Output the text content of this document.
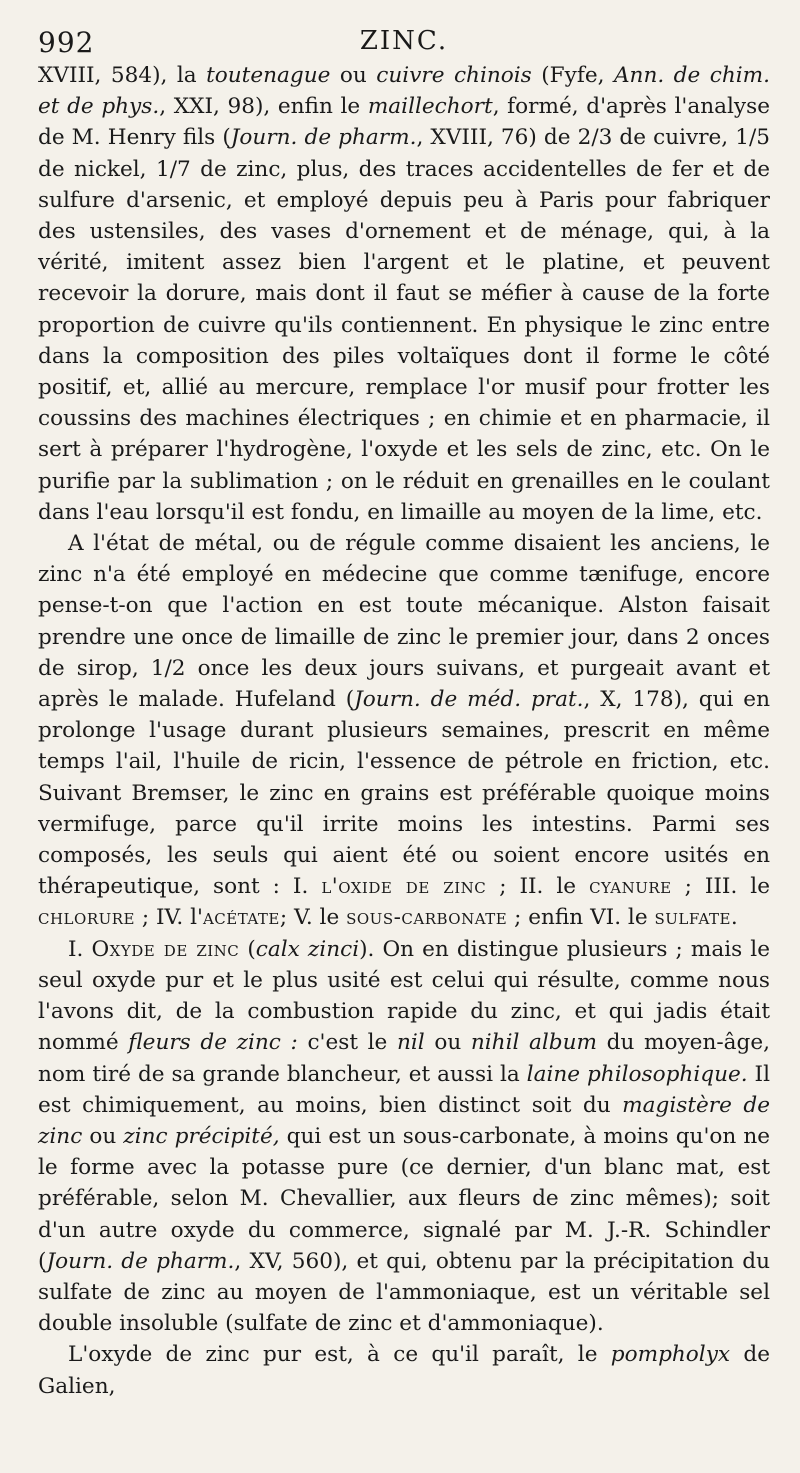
992	ZINC.

XVIII, 584), la toutenague ou cuivre chinois (Fyfe, Ann. de chim. et de phys., XXI, 98), enfin le maillechort, formé, d'après l'analyse de M. Henry fils (Journ. de pharm., XVIII, 76) de 2/3 de cuivre, 1/5 de nickel, 1/7 de zinc, plus, des traces accidentelles de fer et de sulfure d'arsenic, et employé depuis peu à Paris pour fabriquer des ustensiles, des vases d'ornement et de ménage, qui, à la vérité, imitent assez bien l'argent et le platine, et peuvent recevoir la dorure, mais dont il faut se méfier à cause de la forte proportion de cuivre qu'ils contiennent. En physique le zinc entre dans la composition des piles voltaïques dont il forme le côté positif, et, allié au mercure, remplace l'or musif pour frotter les coussins des machines électriques ; en chimie et en pharmacie, il sert à préparer l'hydrogène, l'oxyde et les sels de zinc, etc. On le purifie par la sublimation ; on le réduit en grenailles en le coulant dans l'eau lorsqu'il est fondu, en limaille au moyen de la lime, etc.

A l'état de métal, ou de régule comme disaient les anciens, le zinc n'a été employé en médecine que comme tænifuge, encore pense-t-on que l'action en est toute mécanique. Alston faisait prendre une once de limaille de zinc le premier jour, dans 2 onces de sirop, 1/2 once les deux jours suivans, et purgeait avant et après le malade. Hufeland (Journ. de méd. prat., X, 178), qui en prolonge l'usage durant plusieurs semaines, prescrit en même temps l'ail, l'huile de ricin, l'essence de pétrole en friction, etc. Suivant Bremser, le zinc en grains est préférable quoique moins vermifuge, parce qu'il irrite moins les intestins. Parmi ses composés, les seuls qui aient été ou soient encore usités en thérapeutique, sont : I. l'oxide de zinc ; II. le cyanure ; III. le chlorure ; IV. l'acétate; V. le sous-carbonate ; enfin VI. le sulfate.

I. Oxyde de zinc (calx zinci). On en distingue plusieurs ; mais le seul oxyde pur et le plus usité est celui qui résulte, comme nous l'avons dit, de la combustion rapide du zinc, et qui jadis était nommé fleurs de zinc : c'est le nil ou nihil album du moyen-âge, nom tiré de sa grande blancheur, et aussi la laine philosophique. Il est chimiquement, au moins, bien distinct soit du magistère de zinc ou zinc précipité, qui est un sous-carbonate, à moins qu'on ne le forme avec la potasse pure (ce dernier, d'un blanc mat, est préférable, selon M. Chevallier, aux fleurs de zinc mêmes); soit d'un autre oxyde du commerce, signalé par M. J.-R. Schindler (Journ. de pharm., XV, 560), et qui, obtenu par la précipitation du sulfate de zinc au moyen de l'ammoniaque, est un véritable sel double insoluble (sulfate de zinc et d'ammoniaque).

L'oxyde de zinc pur est, à ce qu'il paraît, le pompholyx de Galien,
